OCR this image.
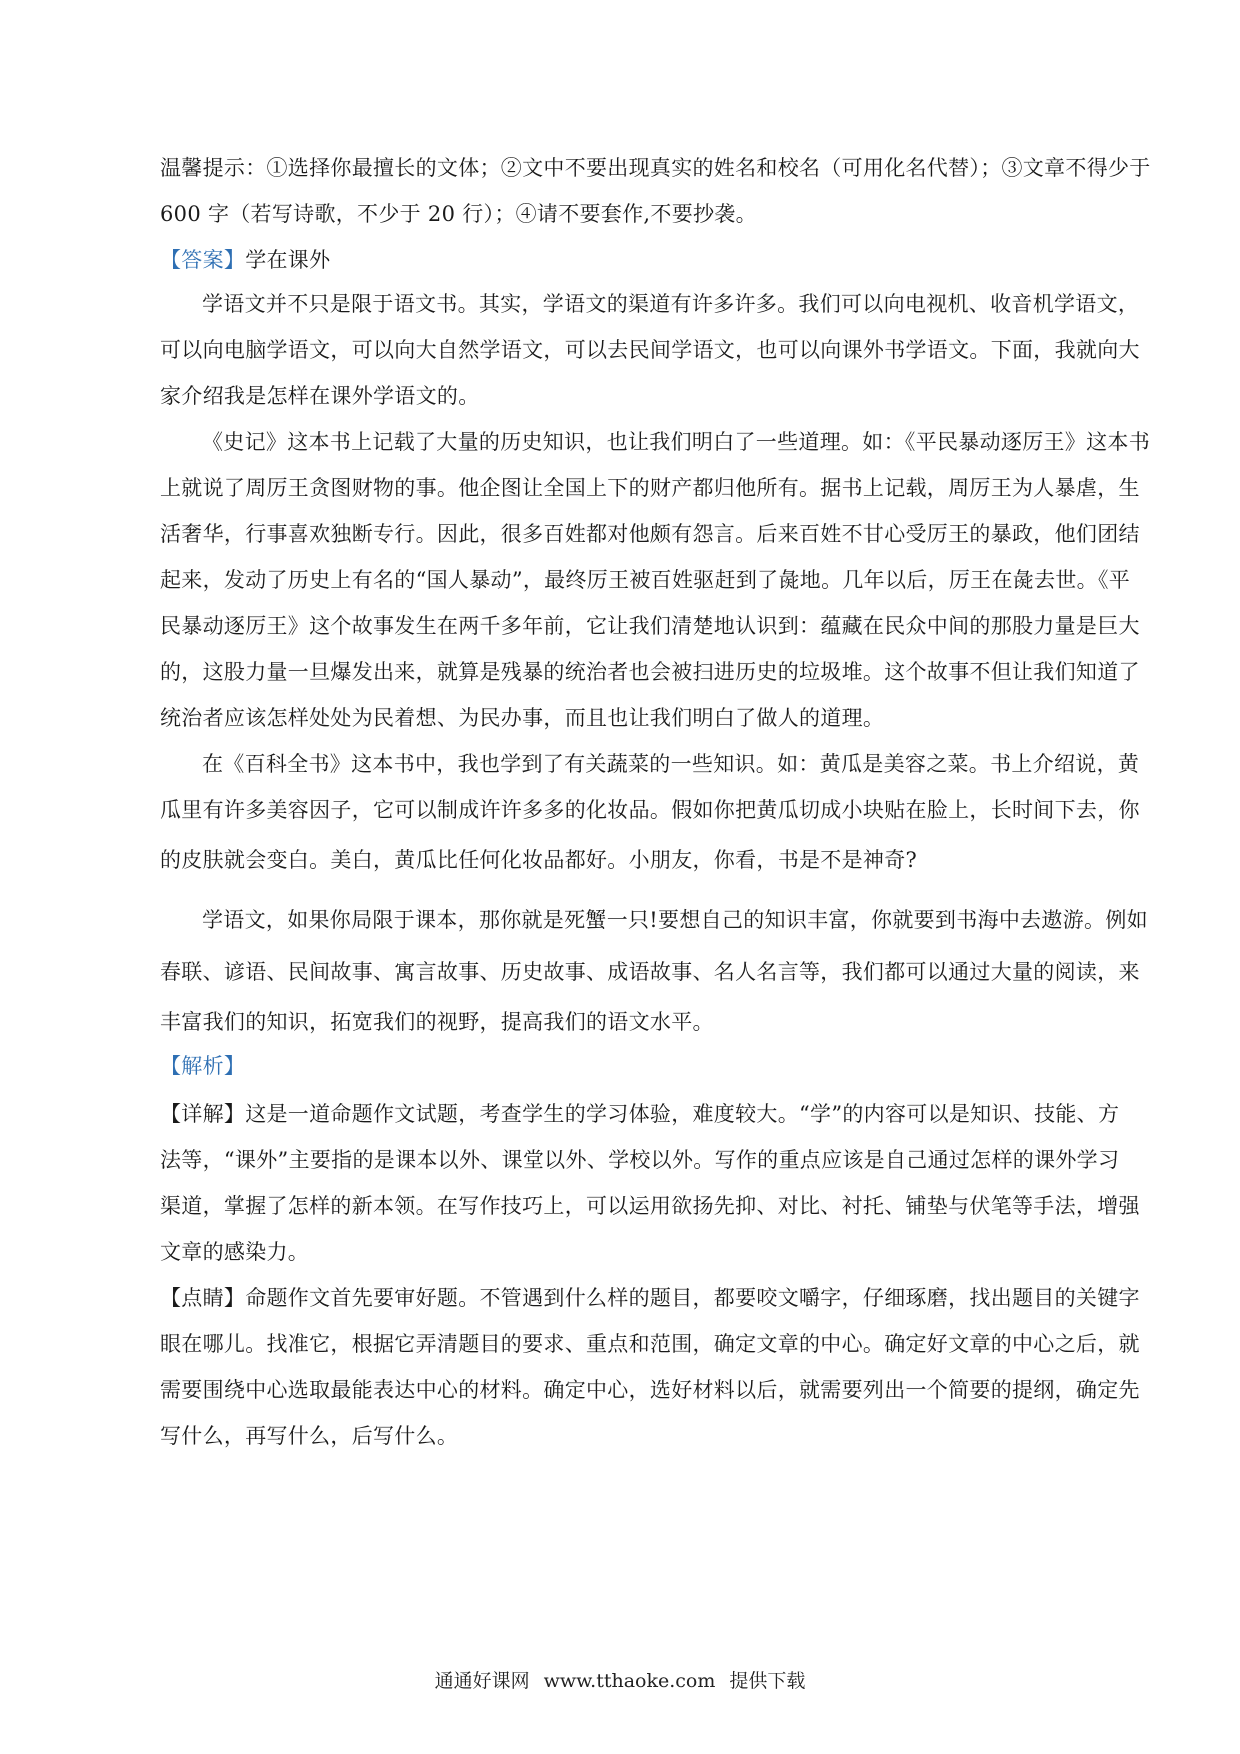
温馨提示：①选择你最擅长的文体；②文中不要出现真实的姓名和校名（可用化名代替）；③文章不得少于

600 字（若写诗歌，不少于 20 行）；④请不要套作,不要抄袭。

【答案】学在课外

学语文并不只是限于语文书。其实，学语文的渠道有许多许多。我们可以向电视机、收音机学语文，

可以向电脑学语文，可以向大自然学语文，可以去民间学语文，也可以向课外书学语文。下面，我就向大

家介绍我是怎样在课外学语文的。

《史记》这本书上记载了大量的历史知识，也让我们明白了一些道理。如：《平民暴动逐厉王》这本书

上就说了周厉王贪图财物的事。他企图让全国上下的财产都归他所有。据书上记载，周厉王为人暴虐，生

活奢华，行事喜欢独断专行。因此，很多百姓都对他颇有怨言。后来百姓不甘心受厉王的暴政，他们团结

起来，发动了历史上有名的“国人暴动”，最终厉王被百姓驱赶到了彘地。几年以后，厉王在彘去世。《平

民暴动逐厉王》这个故事发生在两千多年前，它让我们清楚地认识到：蕴藏在民众中间的那股力量是巨大

的，这股力量一旦爆发出来，就算是残暴的统治者也会被扫进历史的垃圾堆。这个故事不但让我们知道了

统治者应该怎样处处为民着想、为民办事，而且也让我们明白了做人的道理。

在《百科全书》这本书中，我也学到了有关蔬菜的一些知识。如：黄瓜是美容之菜。书上介绍说，黄

瓜里有许多美容因子，它可以制成许许多多的化妆品。假如你把黄瓜切成小块贴在脸上，长时间下去，你

的皮肤就会变白。美白，黄瓜比任何化妆品都好。小朋友，你看，书是不是神奇?

学语文，如果你局限于课本，那你就是死蟹一只!要想自己的知识丰富，你就要到书海中去遨游。例如

春联、谚语、民间故事、寓言故事、历史故事、成语故事、名人名言等，我们都可以通过大量的阅读，来

丰富我们的知识，拓宽我们的视野，提高我们的语文水平。

【解析】

【详解】这是一道命题作文试题，考查学生的学习体验，难度较大。“学”的内容可以是知识、技能、方

法等，“课外”主要指的是课本以外、课堂以外、学校以外。写作的重点应该是自己通过怎样的课外学习

渠道，掌握了怎样的新本领。在写作技巧上，可以运用欲扬先抑、对比、衬托、铺垫与伏笔等手法，增强

文章的感染力。

【点睛】命题作文首先要审好题。不管遇到什么样的题目，都要咬文嚼字，仔细琢磨，找出题目的关键字

眼在哪儿。找准它，根据它弄清题目的要求、重点和范围，确定文章的中心。确定好文章的中心之后，就

需要围绕中心选取最能表达中心的材料。确定中心，选好材料以后，就需要列出一个简要的提纲，确定先

写什么，再写什么，后写什么。

通通好课网 www.tthaoke.com 提供下载
